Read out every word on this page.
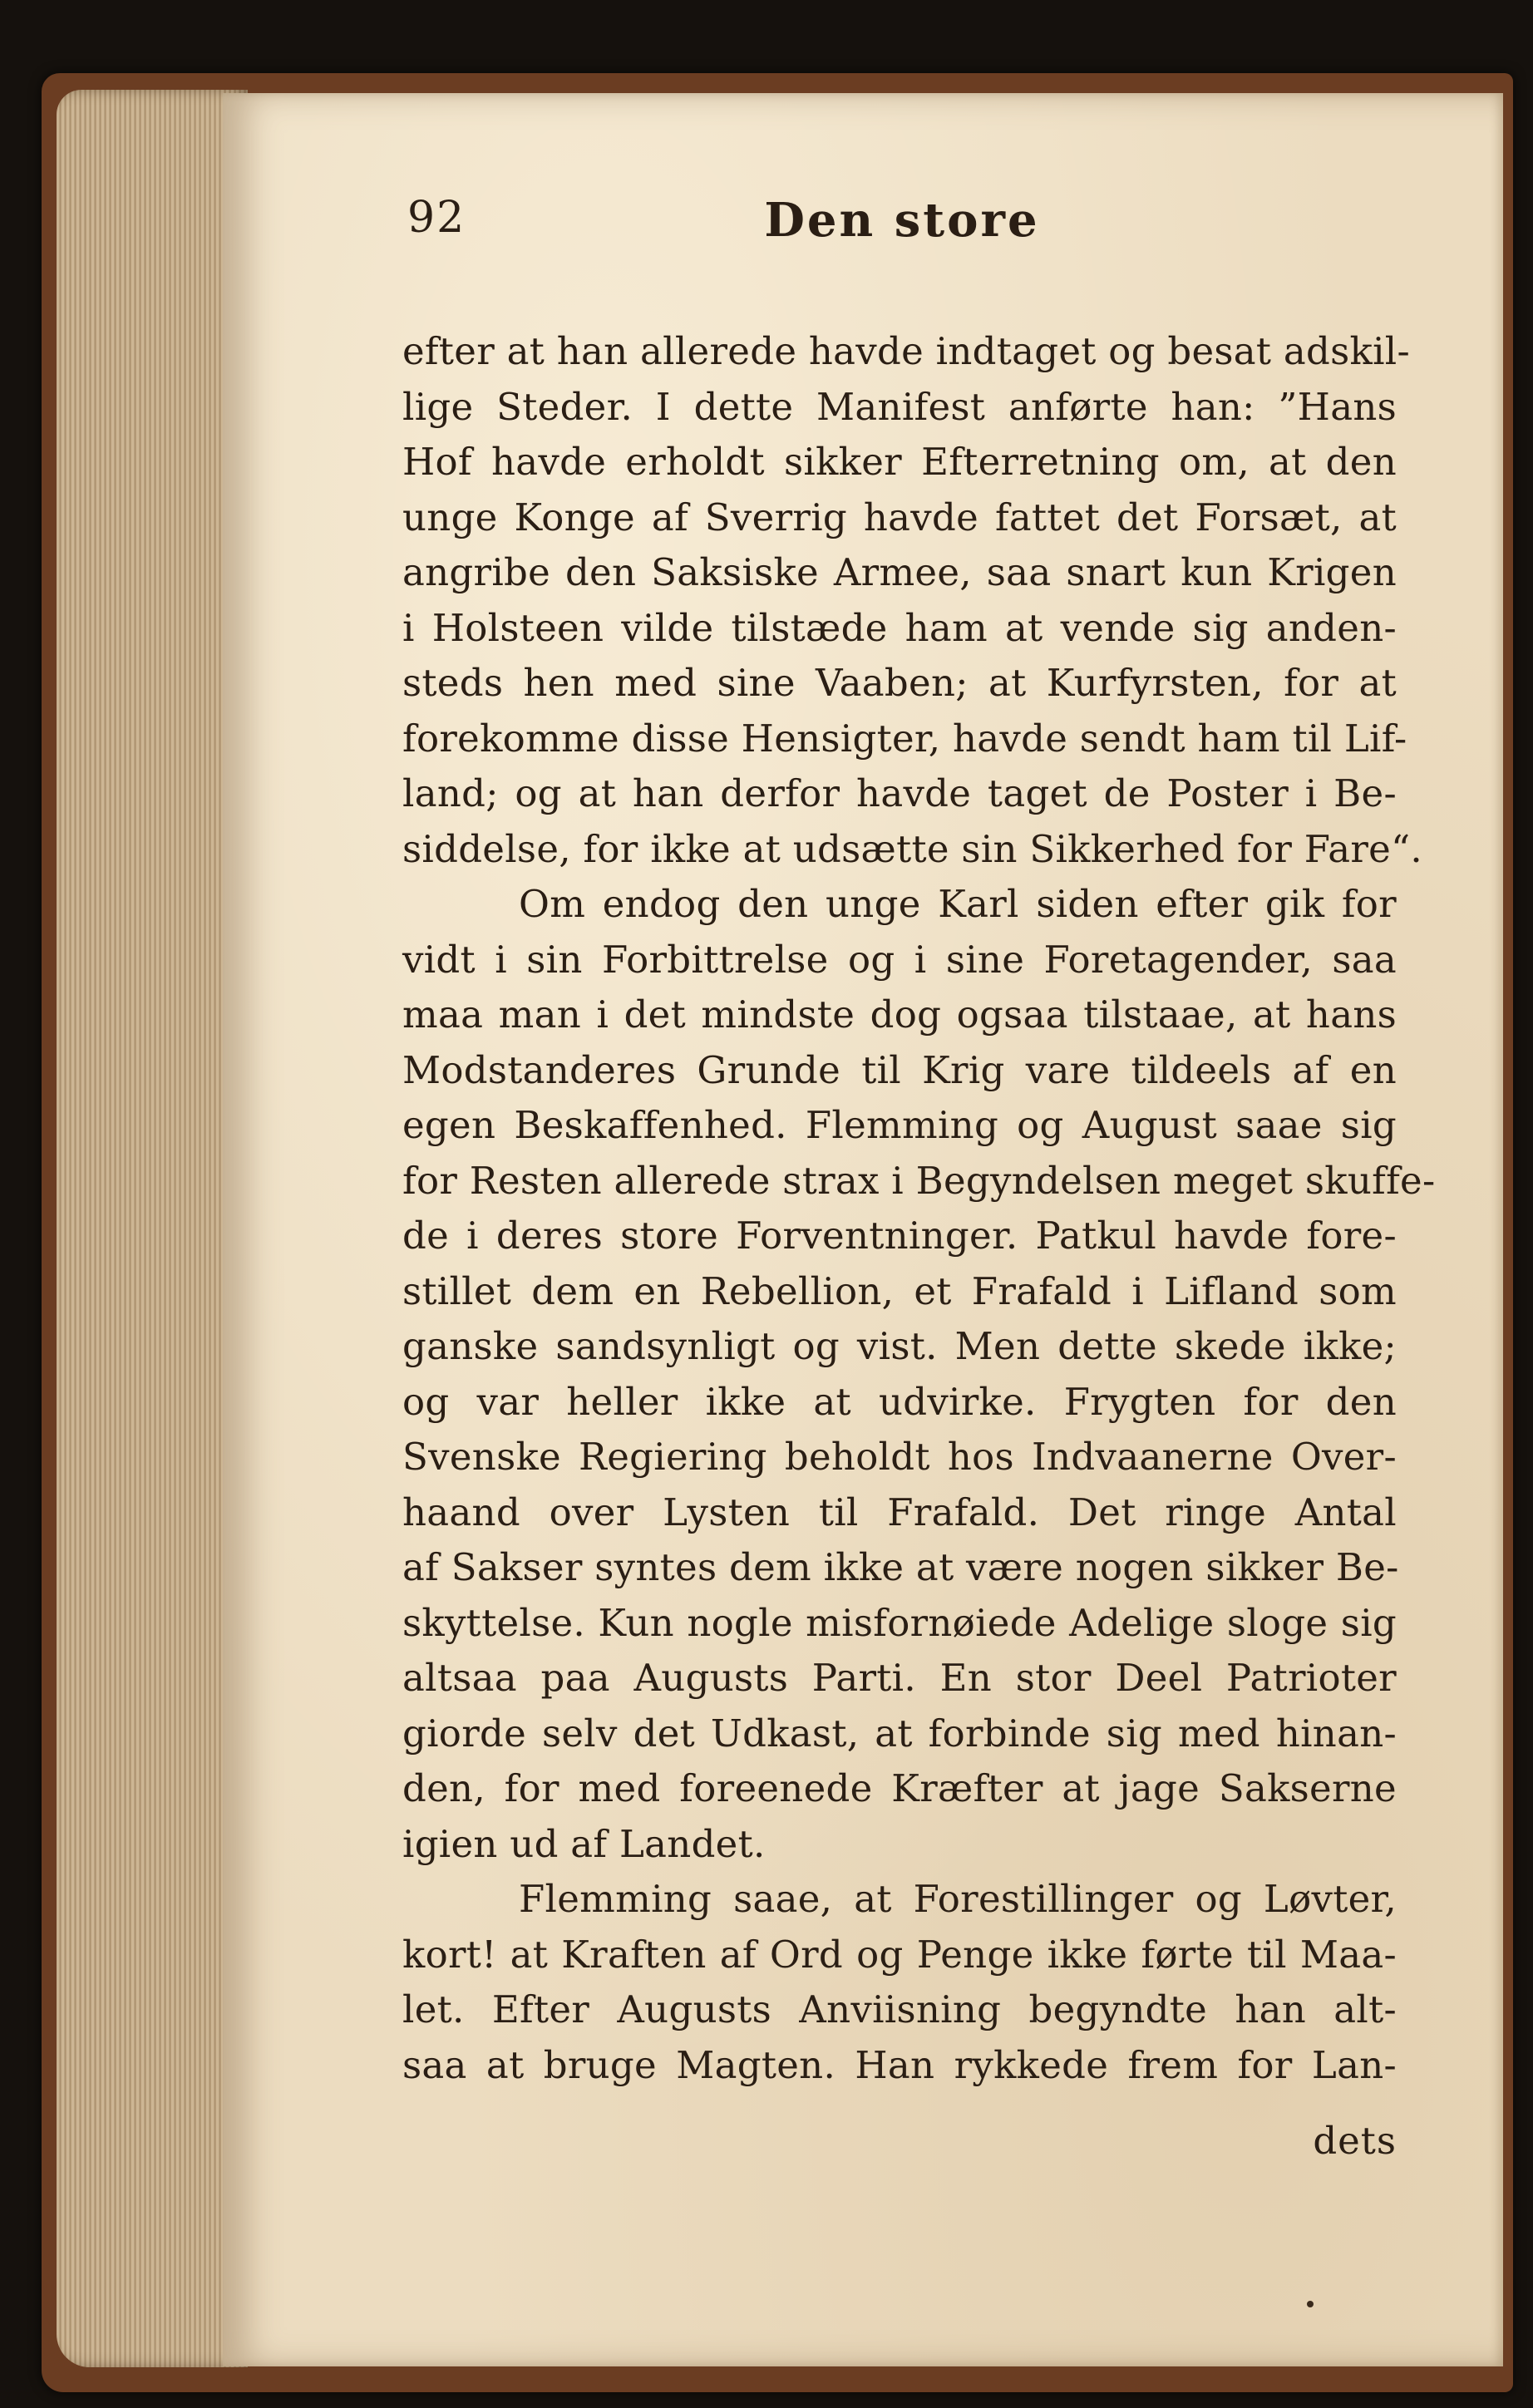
92	Den store
efter at han allerede havde indtaget og besat adskil-
lige Steder. I dette Manifest anførte han: ”Hans
Hof havde erholdt sikker Efterretning om, at den
unge Konge af Sverrig havde fattet det Forsæt, at
angribe den Saksiske Armee, saa snart kun Krigen
i Holsteen vilde tilstæde ham at vende sig anden-
steds hen med sine Vaaben; at Kurfyrsten, for at
forekomme disse Hensigter, havde sendt ham til Lif-
land; og at han derfor havde taget de Poster i Be-
siddelse, for ikke at udsætte sin Sikkerhed for Fare“.
Om endog den unge Karl siden efter gik for
vidt i sin Forbittrelse og i sine Foretagender, saa
maa man i det mindste dog ogsaa tilstaae, at hans
Modstanderes Grunde til Krig vare tildeels af en
egen Beskaffenhed. Flemming og August saae sig
for Resten allerede strax i Begyndelsen meget skuffe-
de i deres store Forventninger. Patkul havde fore-
stillet dem en Rebellion, et Frafald i Lifland som
ganske sandsynligt og vist. Men dette skede ikke;
og var heller ikke at udvirke. Frygten for den
Svenske Regiering beholdt hos Indvaanerne Over-
haand over Lysten til Frafald. Det ringe Antal
af Sakser syntes dem ikke at være nogen sikker Be-
skyttelse. Kun nogle misfornøiede Adelige sloge sig
altsaa paa Augusts Parti. En stor Deel Patrioter
giorde selv det Udkast, at forbinde sig med hinan-
den, for med foreenede Kræfter at jage Sakserne
igien ud af Landet.
Flemming saae, at Forestillinger og Løvter,
kort! at Kraften af Ord og Penge ikke førte til Maa-
let. Efter Augusts Anviisning begyndte han alt-
saa at bruge Magten. Han rykkede frem for Lan-
dets
